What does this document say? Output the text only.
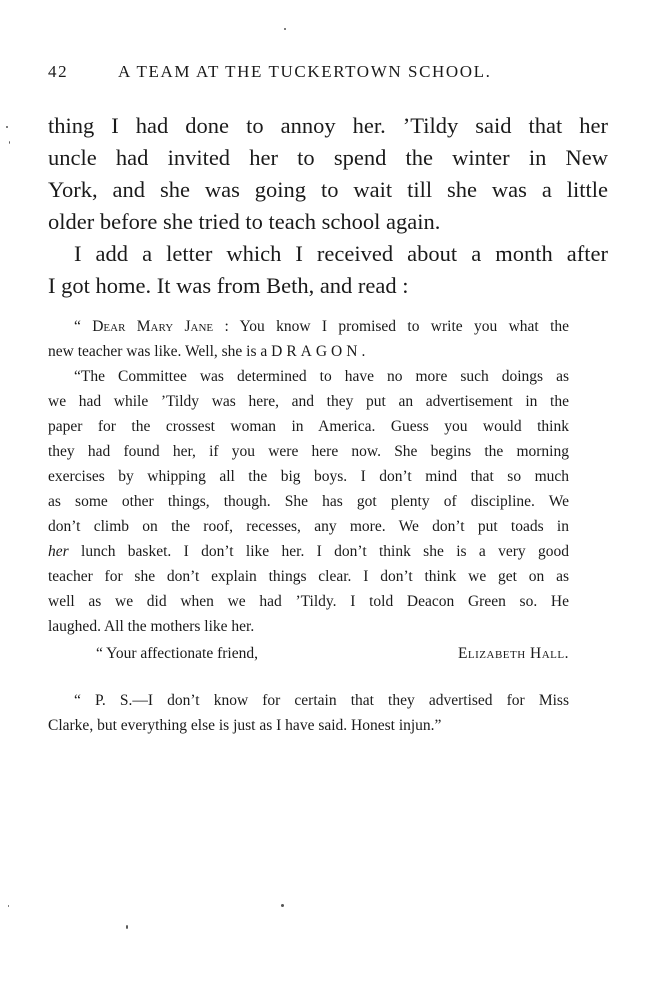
42	A TEAM AT THE TUCKERTOWN SCHOOL.

thing I had done to annoy her. ’Tildy said that her
uncle had invited her to spend the winter in New
York, and she was going to wait till she was a little
older before she tried to teach school again.

I add a letter which I received about a month after
I got home. It was from Beth, and read :

“ Dear Mary Jane : You know I promised to write you what the
new teacher was like. Well, she is a DRAGON.

“The Committee was determined to have no more such doings as
we had while ’Tildy was here, and they put an advertisement in the
paper for the crossest woman in America. Guess you would think
they had found her, if you were here now. She begins the morning
exercises by whipping all the big boys. I don’t mind that so much
as some other things, though. She has got plenty of discipline. We
don’t climb on the roof, recesses, any more. We don’t put toads in
her lunch basket. I don’t like her. I don’t think she is a very good
teacher for she don’t explain things clear. I don’t think we get on as
well as we did when we had ’Tildy. I told Deacon Green so. He
laughed. All the mothers like her.

“ Your affectionate friend,	Elizabeth Hall.

“ P. S.—I don’t know for certain that they advertised for Miss
Clarke, but everything else is just as I have said. Honest injun.”
